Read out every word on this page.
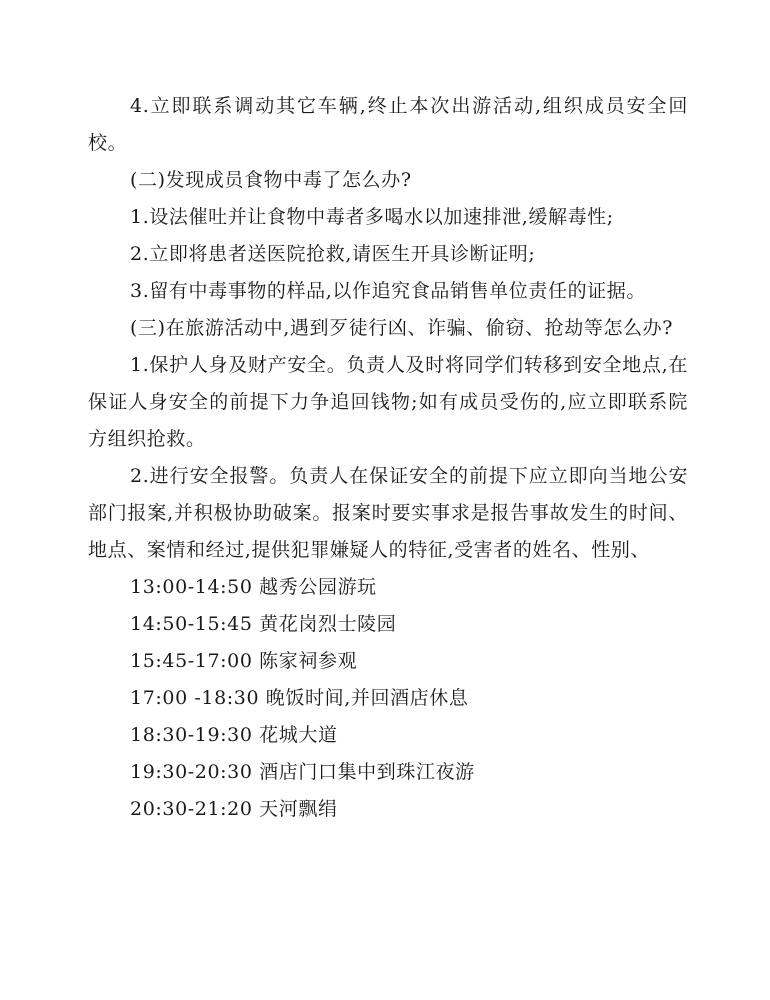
4.立即联系调动其它车辆,终止本次出游活动,组织成员安全回校。

(二)发现成员食物中毒了怎么办?

1.设法催吐并让食物中毒者多喝水以加速排泄,缓解毒性;

2.立即将患者送医院抢救,请医生开具诊断证明;

3.留有中毒事物的样品,以作追究食品销售单位责任的证据。

(三)在旅游活动中,遇到歹徒行凶、诈骗、偷窃、抢劫等怎么办?

1.保护人身及财产安全。负责人及时将同学们转移到安全地点,在保证人身安全的前提下力争追回钱物;如有成员受伤的,应立即联系院方组织抢救。

2.进行安全报警。负责人在保证安全的前提下应立即向当地公安部门报案,并积极协助破案。报案时要实事求是报告事故发生的时间、地点、案情和经过,提供犯罪嫌疑人的特征,受害者的姓名、性别、

13:00-14:50 越秀公园游玩

14:50-15:45 黄花岗烈士陵园

15:45-17:00 陈家祠参观

17:00 -18:30 晚饭时间,并回酒店休息

18:30-19:30 花城大道

19:30-20:30 酒店门口集中到珠江夜游

20:30-21:20 天河飘绢
